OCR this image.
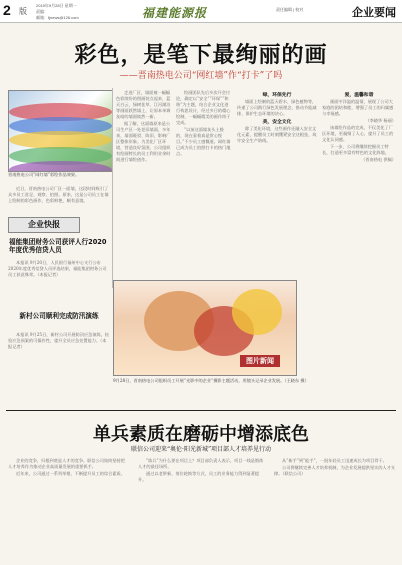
2 版
2015年9月28日 星期一
责编：
邮箱：fjnews@126.com	福建能源报	责任编辑 | 校对	企业要闻
彩色，是笔下最绚丽的画
——晋南热电公司“网红墙”作“打卡”了吗
晋南热电公司“网红墙”彩绘作品效果。

近日，晋南热电公司厂区一面墙，这段时间吸引了众多员工驻足、观察、拍照。原来，这是公司员工在墙上绘制的彩色画作，色彩鲜艳，颇有意境。

走进厂区，墙面被一幅幅色彩缤纷的图画装点起来，蓝天白云、绿树花草、江河湖泊等画面跃然墙上，让原本单调灰暗的墙面焕然一新。

据了解，这面墙原来是公司生产区一处老旧墙面，多年来，墙面斑驳、陈旧，影响厂区整体形象。为美化厂区环境，营造良好氛围，公司组织有绘画特长的员工利用业余时间进行墙绘创作。

绘画团队先后多次开会讨论，确定以“安全”“环保”“和谐”为主题，结合企业文化进行构思设计，经过多日的精心绘制，一幅幅精美的画作终于完成。

“以前这面墙灰头土脸的，现在看着真是赏心悦目。”不少员工感慨道。网红墙已成为员工拍照打卡的热门地点。

绿，环保先行

墙面上绘制的蓝天碧水、绿色植物等，传递了公司践行绿色发展理念，推动节能减排、保护生态环境的决心。

美，安全文化

除了美化环境，这些画作还融入安全文化元素，提醒员工时刻绷紧安全这根弦，筑牢安全生产防线。

爱，温馨和谐

画面中洋溢的温情，展现了公司大家庭的团结和睦，增强了员工的归属感与幸福感。

（李晓华 杨丽）

该墙绘作品的完成，不仅美化了厂区环境，更凝聚了人心，提升了员工的文化认同感。

下一步，公司将继续挖掘员工特长，打造更多富有特色的文化阵地。

（晋南热电 供稿）

企业快报
福能集团财务公司获评人行2020年度优秀信贷人员

本报讯 9月20日，人民银行福州中心支行公布2020年度优秀信贷人员评选结果，福能集团财务公司员工获此殊荣。（本报记者）

新村公司顺利完成防汛演练

本报讯 9月25日，新村公司开展防汛应急演练，检验应急预案的可操作性，提升全员应急处置能力。（本报记者）

图片新闻
9月28日，晋南热电公司组织员工开展“光影中的企业”摄影主题活动，用镜头记录企业发展。（王晓东 摄）
单兵素质在磨砺中增添底色
联信公司迎来“奥伦·阳光新城”项目部人才培养见行动

企业的竞争，归根到底是人才的竞争。联信公司始终坚持把人才培养作为推动企业高质量发展的重要抓手。

近年来，公司通过一系列举措，不断提升员工的综合素质。

“练兵”为什么要在项目上？项目部负责人表示，项目一线是锻炼人才的最佳场所。

通过以老带新、岗位轮换等方式，员工的业务能力得到显著提升。

从“新手”到“能手”，一批年轻员工迅速成长为项目骨干。

公司将继续完善人才培养机制，为企业发展提供坚实的人才支撑。（联信公司）
